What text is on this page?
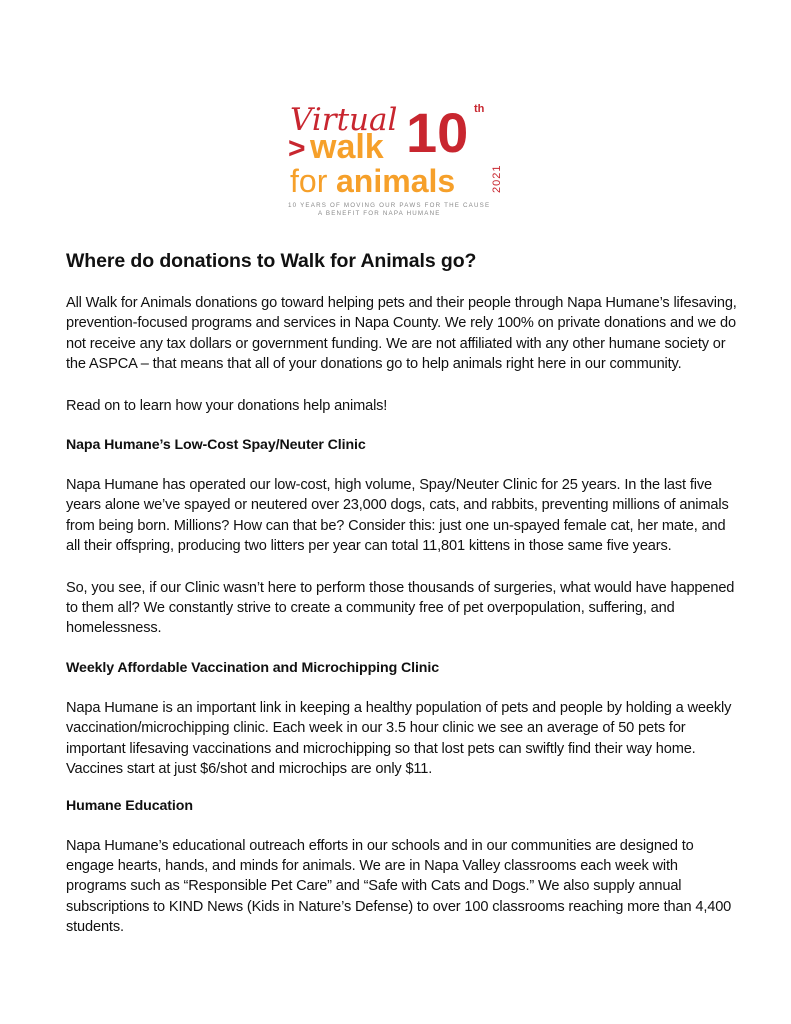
Virtual
> walk
for animals	2021
10 th
10 YEARS OF MOVING OUR PAWS FOR THE CAUSE
A BENEFIT FOR NAPA HUMANE
Where do donations to Walk for Animals go?

All Walk for Animals donations go toward helping pets and their people through Napa Humane’s lifesaving, prevention-focused programs and services in Napa County. We rely 100% on private donations and we do not receive any tax dollars or government funding. We are not affiliated with any other humane society or the ASPCA – that means that all of your donations go to help animals right here in our community.

Read on to learn how your donations help animals!

Napa Humane’s Low-Cost Spay/Neuter Clinic

Napa Humane has operated our low-cost, high volume, Spay/Neuter Clinic for 25 years. In the last five years alone we’ve spayed or neutered over 23,000 dogs, cats, and rabbits, preventing millions of animals from being born. Millions? How can that be? Consider this: just one un-spayed female cat, her mate, and all their offspring, producing two litters per year can total 11,801 kittens in those same five years.

So, you see, if our Clinic wasn’t here to perform those thousands of surgeries, what would have happened to them all? We constantly strive to create a community free of pet overpopulation, suffering, and homelessness.

Weekly Affordable Vaccination and Microchipping Clinic

Napa Humane is an important link in keeping a healthy population of pets and people by holding a weekly vaccination/microchipping clinic. Each week in our 3.5 hour clinic we see an average of 50 pets for important lifesaving vaccinations and microchipping so that lost pets can swiftly find their way home. Vaccines start at just $6/shot and microchips are only $11.

Humane Education

Napa Humane’s educational outreach efforts in our schools and in our communities are designed to engage hearts, hands, and minds for animals. We are in Napa Valley classrooms each week with programs such as “Responsible Pet Care” and “Safe with Cats and Dogs.” We also supply annual subscriptions to KIND News (Kids in Nature’s Defense) to over 100 classrooms reaching more than 4,400 students.
